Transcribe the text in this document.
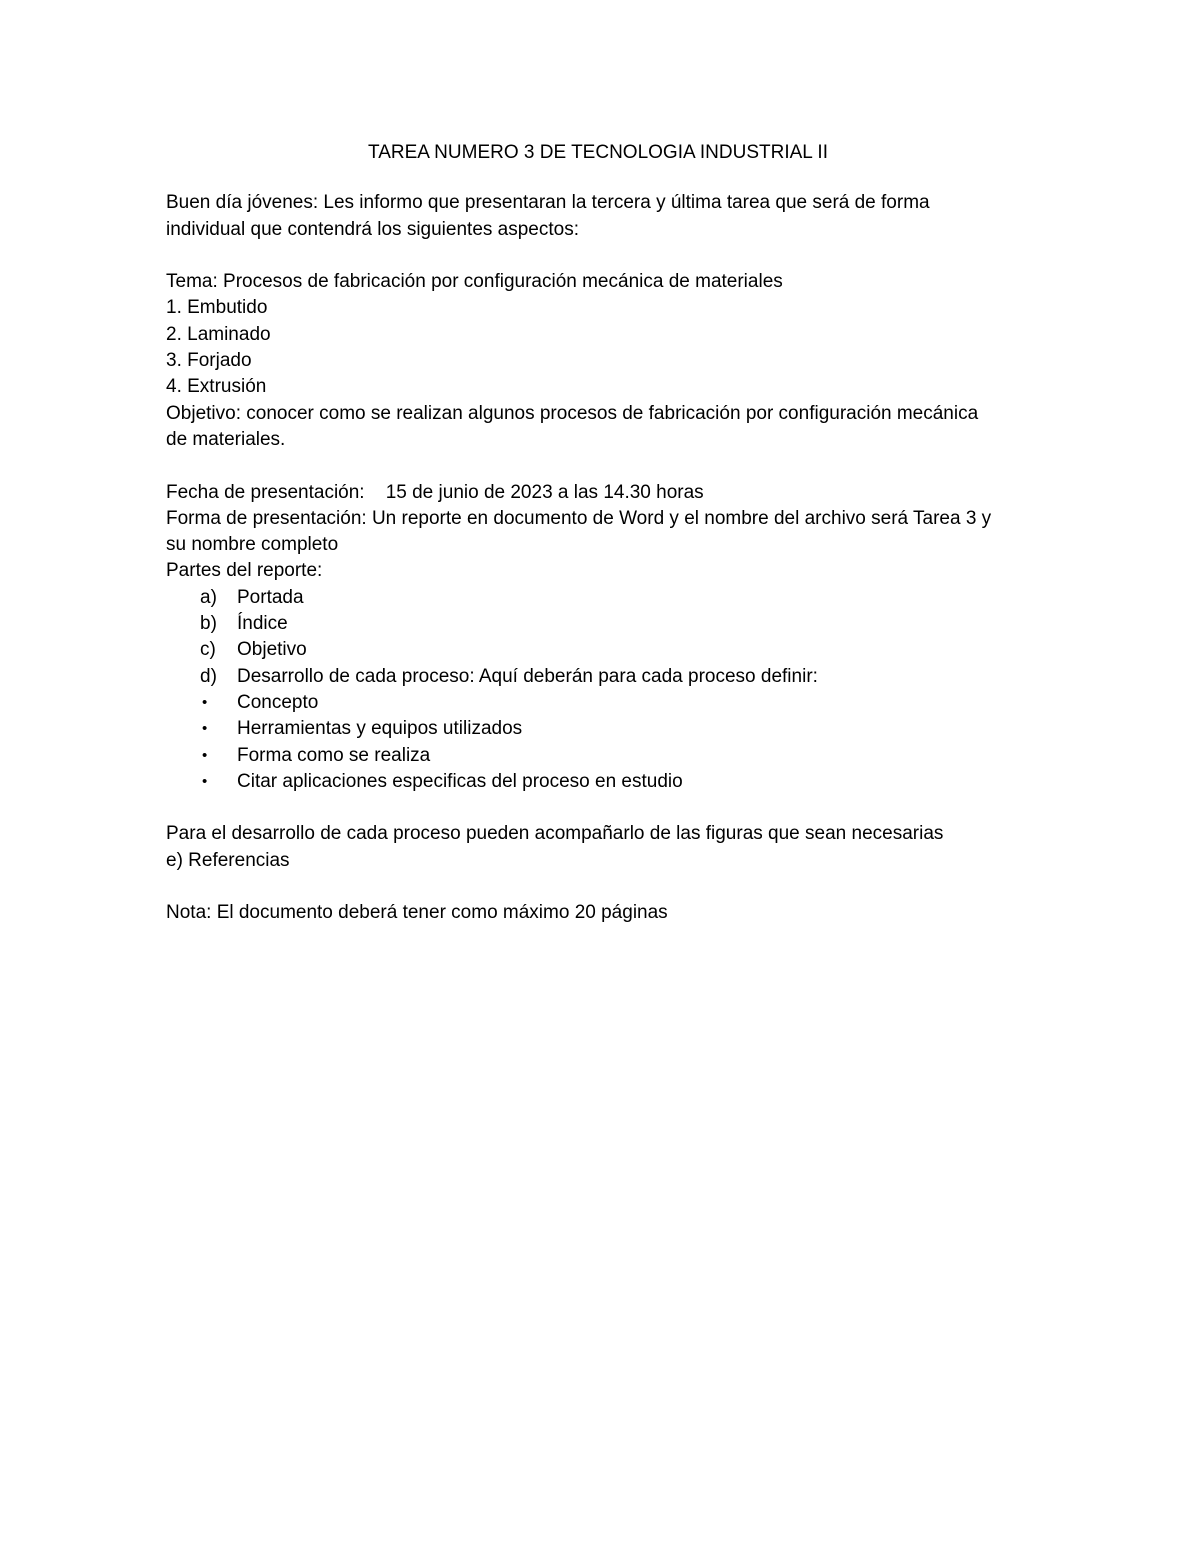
TAREA NUMERO 3 DE TECNOLOGIA INDUSTRIAL II

Buen día jóvenes: Les informo que presentaran la tercera y última tarea que será de forma

individual que contendrá los siguientes aspectos:

Tema: Procesos de fabricación por configuración mecánica de materiales

1. Embutido

2. Laminado

3. Forjado

4. Extrusión

Objetivo: conocer como se realizan algunos procesos de fabricación por configuración mecánica

de materiales.

Fecha de presentación: 15 de junio de 2023 a las 14.30 horas

Forma de presentación: Un reporte en documento de Word y el nombre del archivo será Tarea 3 y

su nombre completo

Partes del reporte:

a)	Portada
b)	Índice
c)	Objetivo
d)	Desarrollo de cada proceso: Aquí deberán para cada proceso definir:
•	Concepto
•	Herramientas y equipos utilizados
•	Forma como se realiza
•	Citar aplicaciones especificas del proceso en estudio

Para el desarrollo de cada proceso pueden acompañarlo de las figuras que sean necesarias

e) Referencias

Nota: El documento deberá tener como máximo 20 páginas
